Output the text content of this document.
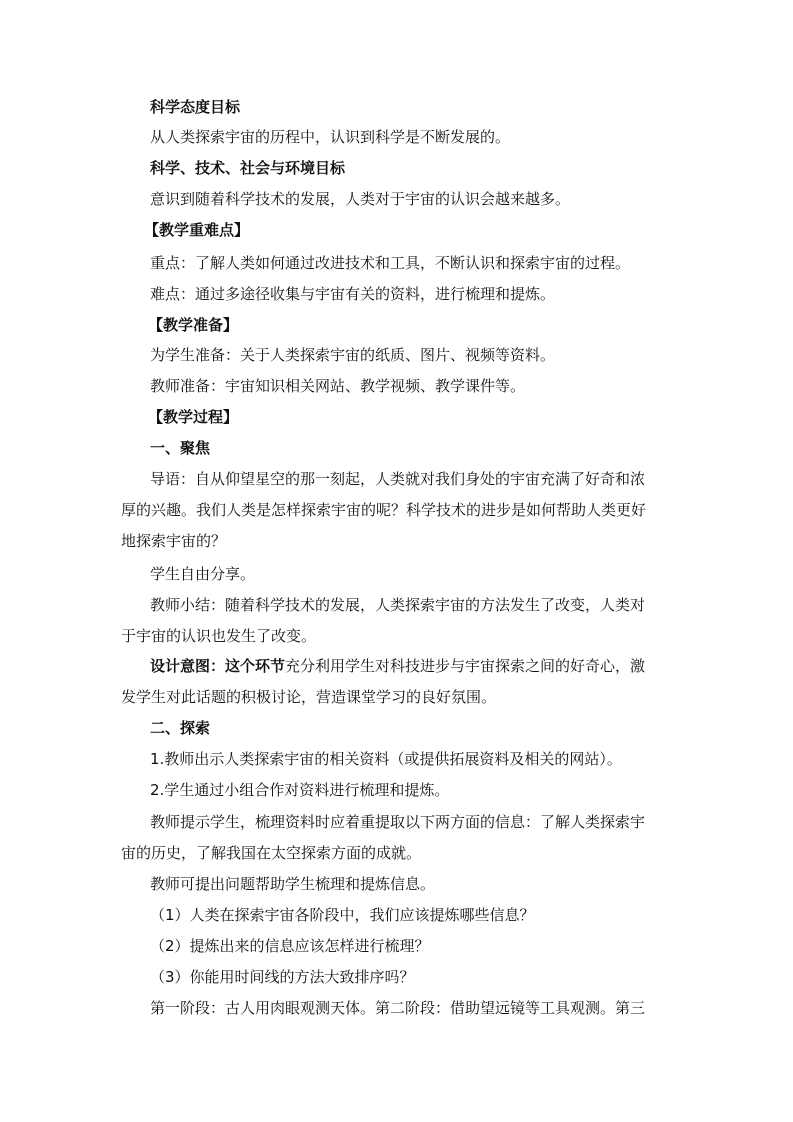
科学态度目标
从人类探索宇宙的历程中，认识到科学是不断发展的。
科学、技术、社会与环境目标
意识到随着科学技术的发展，人类对于宇宙的认识会越来越多。
【教学重难点】
重点：了解人类如何通过改进技术和工具，不断认识和探索宇宙的过程。
难点：通过多途径收集与宇宙有关的资料，进行梳理和提炼。
【教学准备】
为学生准备：关于人类探索宇宙的纸质、图片、视频等资料。
教师准备：宇宙知识相关网站、教学视频、教学课件等。
【教学过程】
一、聚焦
导语：自从仰望星空的那一刻起，人类就对我们身处的宇宙充满了好奇和浓
厚的兴趣。我们人类是怎样探索宇宙的呢？科学技术的进步是如何帮助人类更好
地探索宇宙的？
学生自由分享。
教师小结：随着科学技术的发展，人类探索宇宙的方法发生了改变，人类对
于宇宙的认识也发生了改变。
设计意图：这个环节充分利用学生对科技进步与宇宙探索之间的好奇心，激
发学生对此话题的积极讨论，营造课堂学习的良好氛围。
二、探索
1.教师出示人类探索宇宙的相关资料（或提供拓展资料及相关的网站）。
2.学生通过小组合作对资料进行梳理和提炼。
教师提示学生，梳理资料时应着重提取以下两方面的信息：了解人类探索宇
宙的历史，了解我国在太空探索方面的成就。
教师可提出问题帮助学生梳理和提炼信息。
（1）人类在探索宇宙各阶段中，我们应该提炼哪些信息？
（2）提炼出来的信息应该怎样进行梳理？
（3）你能用时间线的方法大致排序吗？
第一阶段：古人用肉眼观测天体。第二阶段：借助望远镜等工具观测。第三
